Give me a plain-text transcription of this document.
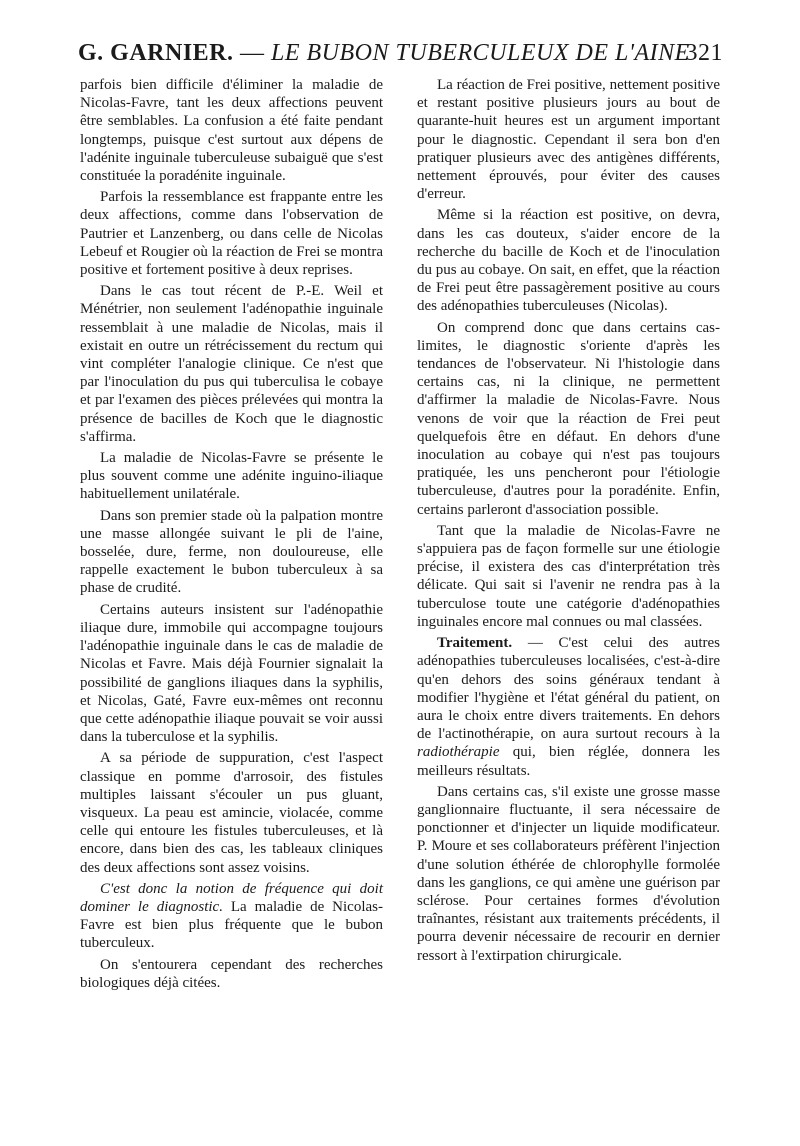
G. GARNIER. — LE BUBON TUBERCULEUX DE L'AINE
321

parfois bien difficile d'éliminer la maladie de Nicolas-Favre, tant les deux affections peuvent être semblables. La confusion a été faite pendant longtemps, puisque c'est surtout aux dépens de l'adénite inguinale tuberculeuse subaiguë que s'est constituée la poradénite inguinale.

Parfois la ressemblance est frappante entre les deux affections, comme dans l'observation de Pautrier et Lanzenberg, ou dans celle de Nicolas Lebeuf et Rougier où la réaction de Frei se montra positive et fortement positive à deux reprises.

Dans le cas tout récent de P.-E. Weil et Ménétrier, non seulement l'adénopathie inguinale ressemblait à une maladie de Nicolas, mais il existait en outre un rétrécissement du rectum qui vint compléter l'analogie clinique. Ce n'est que par l'inoculation du pus qui tuberculisa le cobaye et par l'examen des pièces prélevées qui montra la présence de bacilles de Koch que le diagnostic s'affirma.

La maladie de Nicolas-Favre se présente le plus souvent comme une adénite inguino-iliaque habituellement unilatérale.

Dans son premier stade où la palpation montre une masse allongée suivant le pli de l'aine, bosselée, dure, ferme, non douloureuse, elle rappelle exactement le bubon tuberculeux à sa phase de crudité.

Certains auteurs insistent sur l'adénopathie iliaque dure, immobile qui accompagne toujours l'adénopathie inguinale dans le cas de maladie de Nicolas et Favre. Mais déjà Fournier signalait la possibilité de ganglions iliaques dans la syphilis, et Nicolas, Gaté, Favre eux-mêmes ont reconnu que cette adénopathie iliaque pouvait se voir aussi dans la tuberculose et la syphilis.

A sa période de suppuration, c'est l'aspect classique en pomme d'arrosoir, des fistules multiples laissant s'écouler un pus gluant, visqueux. La peau est amincie, violacée, comme celle qui entoure les fistules tuberculeuses, et là encore, dans bien des cas, les tableaux cliniques des deux affections sont assez voisins.

C'est donc la notion de fréquence qui doit dominer le diagnostic. La maladie de Nicolas-Favre est bien plus fréquente que le bubon tuberculeux.

On s'entourera cependant des recherches biologiques déjà citées.

La réaction de Frei positive, nettement positive et restant positive plusieurs jours au bout de quarante-huit heures est un argument important pour le diagnostic. Cependant il sera bon d'en pratiquer plusieurs avec des antigènes différents, nettement éprouvés, pour éviter des causes d'erreur.

Même si la réaction est positive, on devra, dans les cas douteux, s'aider encore de la recherche du bacille de Koch et de l'inoculation du pus au cobaye. On sait, en effet, que la réaction de Frei peut être passagèrement positive au cours des adénopathies tuberculeuses (Nicolas).

On comprend donc que dans certains cas-limites, le diagnostic s'oriente d'après les tendances de l'observateur. Ni l'histologie dans certains cas, ni la clinique, ne permettent d'affirmer la maladie de Nicolas-Favre. Nous venons de voir que la réaction de Frei peut quelquefois être en défaut. En dehors d'une inoculation au cobaye qui n'est pas toujours pratiquée, les uns pencheront pour l'étiologie tuberculeuse, d'autres pour la poradénite. Enfin, certains parleront d'association possible.

Tant que la maladie de Nicolas-Favre ne s'appuiera pas de façon formelle sur une étiologie précise, il existera des cas d'interprétation très délicate. Qui sait si l'avenir ne rendra pas à la tuberculose toute une catégorie d'adénopathies inguinales encore mal connues ou mal classées.

Traitement. — C'est celui des autres adénopathies tuberculeuses localisées, c'est-à-dire qu'en dehors des soins généraux tendant à modifier l'hygiène et l'état général du patient, on aura le choix entre divers traitements. En dehors de l'actinothérapie, on aura surtout recours à la radiothérapie qui, bien réglée, donnera les meilleurs résultats.

Dans certains cas, s'il existe une grosse masse ganglionnaire fluctuante, il sera nécessaire de ponctionner et d'injecter un liquide modificateur. P. Moure et ses collaborateurs préfèrent l'injection d'une solution éthérée de chlorophylle formolée dans les ganglions, ce qui amène une guérison par sclérose. Pour certaines formes d'évolution traînantes, résistant aux traitements précédents, il pourra devenir nécessaire de recourir en dernier ressort à l'extirpation chirurgicale.
